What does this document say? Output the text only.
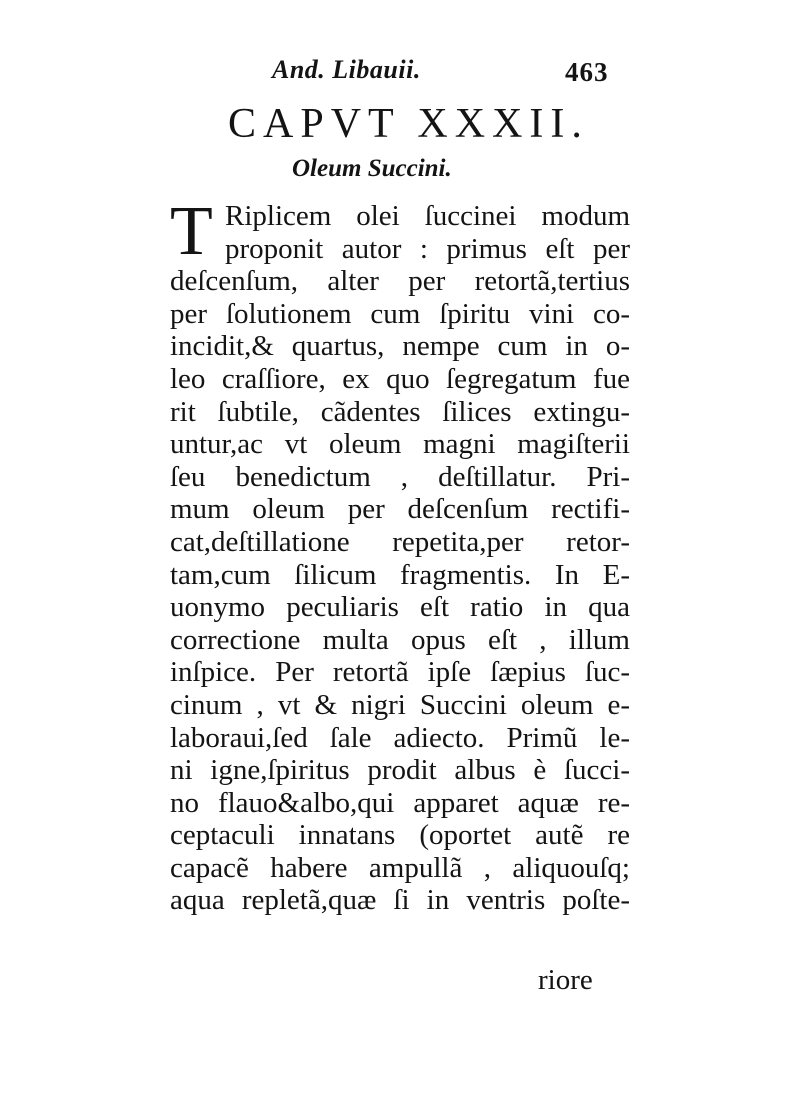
And. Libauii.	463
CAPVT XXXII.
Oleum Succini.
T Riplicem olei ſuccinei modum
proponit autor : primus eſt per
deſcenſum, alter per retortã,tertius
per ſolutionem cum ſpiritu vini co-
incidit,& quartus, nempe cum in o-
leo craſſiore, ex quo ſegregatum fue
rit ſubtile, cãdentes ſilices extingu-
untur,ac vt oleum magni magiſterii
ſeu benedictum , deſtillatur. Pri-
mum oleum per deſcenſum rectifi-
cat,deſtillatione repetita,per retor-
tam,cum ſilicum fragmentis. In E-
uonymo peculiaris eſt ratio in qua
correctione multa opus eſt , illum
inſpice. Per retortã ipſe ſæpius ſuc-
cinum , vt & nigri Succini oleum e-
laboraui,ſed ſale adiecto. Primũ le-
ni igne,ſpiritus prodit albus è ſucci-
no flauo&albo,qui apparet aquæ re-
ceptaculi innatans (oportet autẽ re
capacẽ habere ampullã , aliquouſq;
aqua repletã,quæ ſi in ventris poſte-
riore
